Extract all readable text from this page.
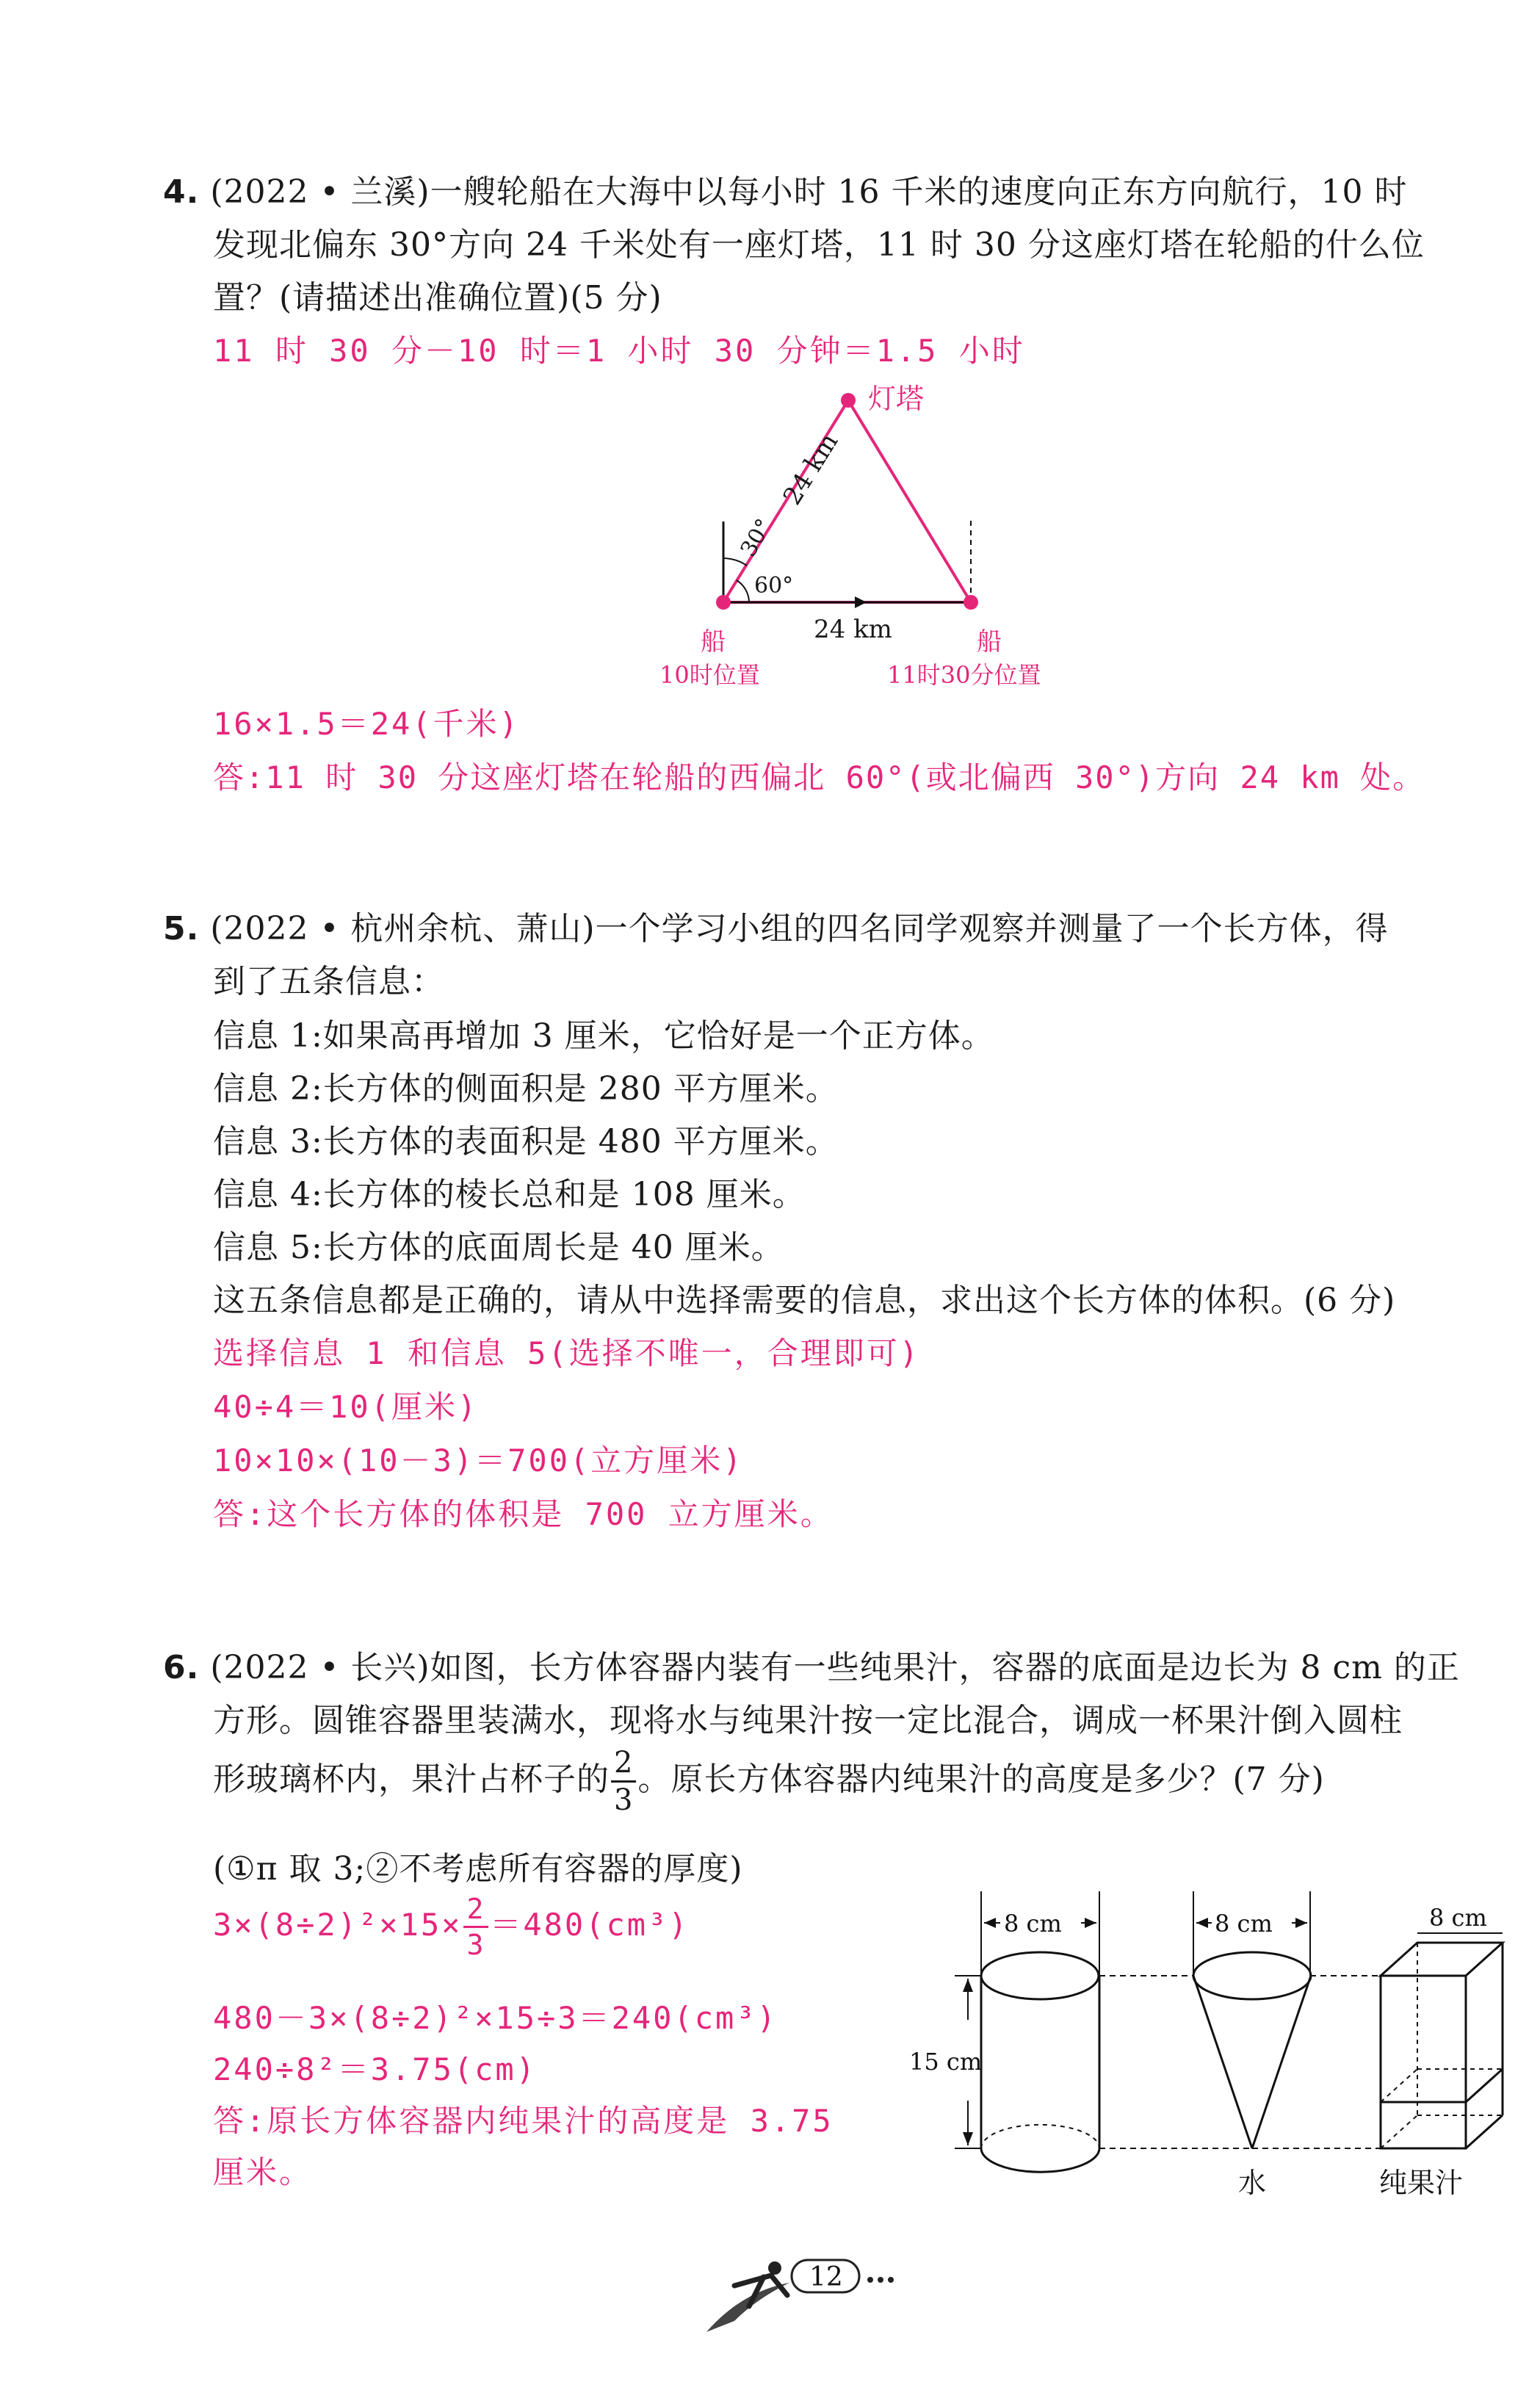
4. (2022 • 兰溪)一艘轮船在大海中以每小时 16 千米的速度向正东方向航行，10 时
发现北偏东 30°方向 24 千米处有一座灯塔，11 时 30 分这座灯塔在轮船的什么位
置？(请描述出准确位置)(5 分)
11 时 30 分－10 时＝1 小时 30 分钟＝1.5 小时
灯塔
24 km
30°
60°
24 km
船
10时位置
船
11时30分位置
16×1.5＝24(千米)
答:11 时 30 分这座灯塔在轮船的西偏北 60°(或北偏西 30°)方向 24 km 处。
5. (2022 • 杭州余杭、萧山)一个学习小组的四名同学观察并测量了一个长方体，得
到了五条信息：
信息 1:如果高再增加 3 厘米，它恰好是一个正方体。
信息 2:长方体的侧面积是 280 平方厘米。
信息 3:长方体的表面积是 480 平方厘米。
信息 4:长方体的棱长总和是 108 厘米。
信息 5:长方体的底面周长是 40 厘米。
这五条信息都是正确的，请从中选择需要的信息，求出这个长方体的体积。(6 分)
选择信息 1 和信息 5(选择不唯一，合理即可)
40÷4＝10(厘米)
10×10×(10－3)＝700(立方厘米)
答:这个长方体的体积是 700 立方厘米。
6. (2022 • 长兴)如图，长方体容器内装有一些纯果汁，容器的底面是边长为 8 cm 的正
方形。圆锥容器里装满水，现将水与纯果汁按一定比混合，调成一杯果汁倒入圆柱
形玻璃杯内，果汁占杯子的 $\frac{2}{3}$ 。原长方体容器内纯果汁的高度是多少？(7 分)
(①π 取 3;②不考虑所有容器的厚度)
$3\times(8\div 2)^2\times 15\times \frac{2}{3} =480(cm^3)$
480－3×(8÷2)²×15÷3＝240(cm³)
240÷8²＝3.75(cm)
答:原长方体容器内纯果汁的高度是 3.75
厘米。
8 cm	8 cm
15 cm
水
8 cm
纯果汁
12
